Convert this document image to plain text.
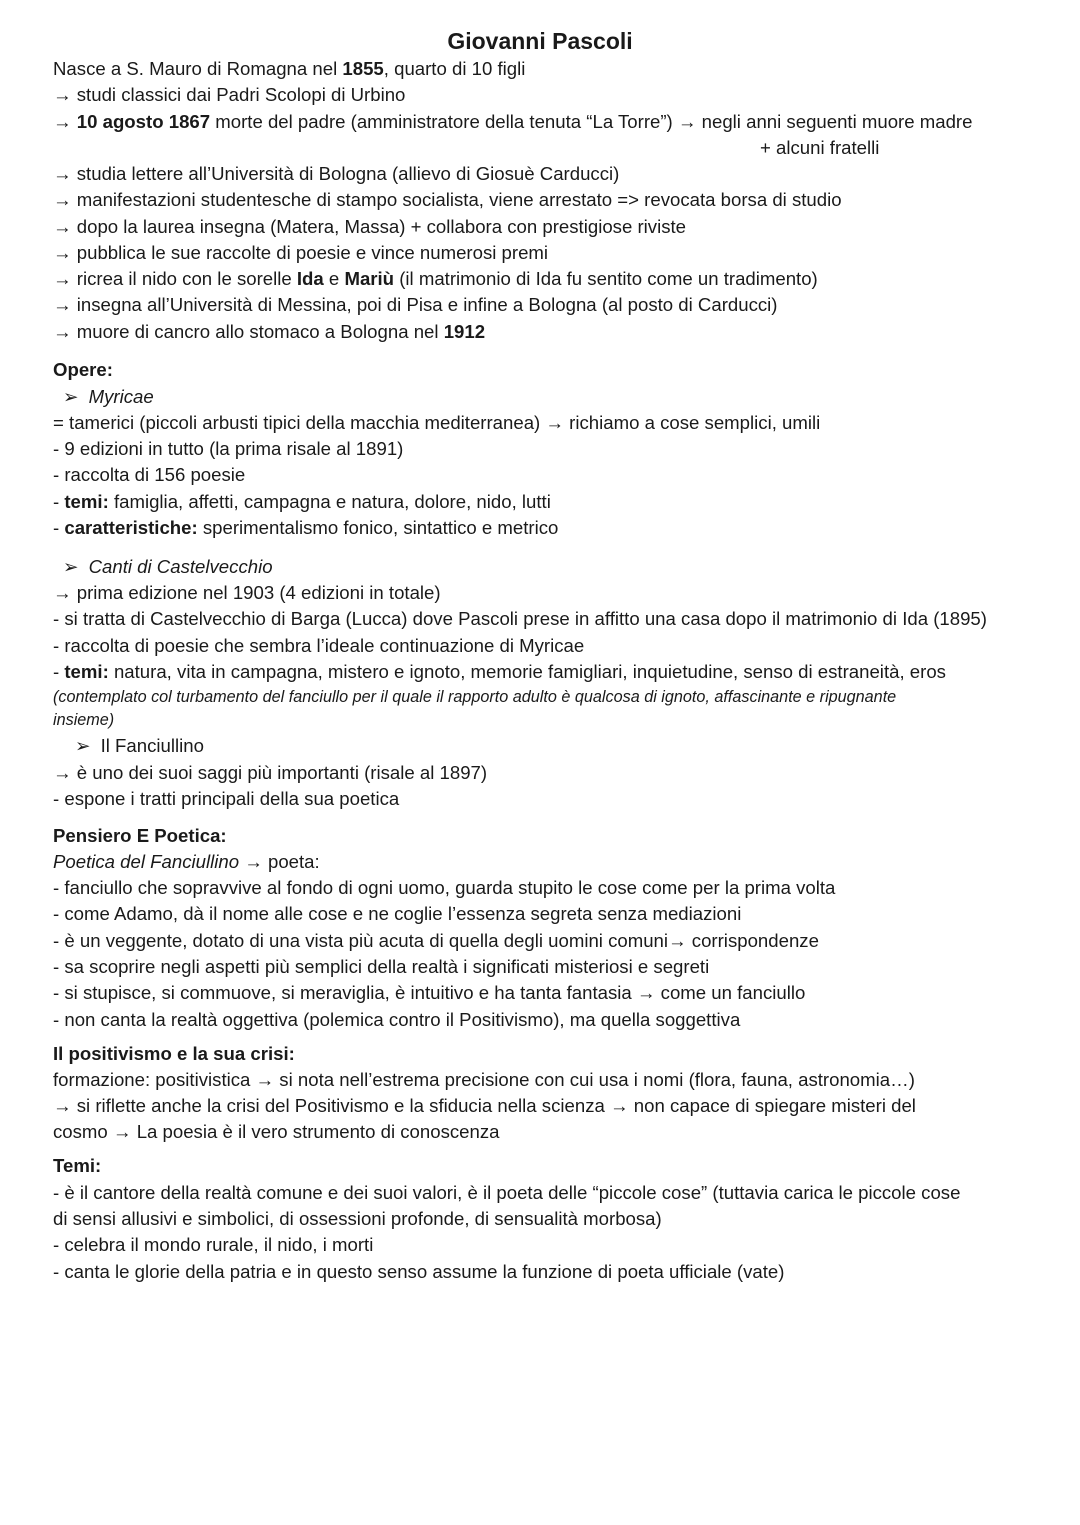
Giovanni Pascoli
Nasce a S. Mauro di Romagna nel 1855, quarto di 10 figli
→ studi classici dai Padri Scolopi di Urbino
→ 10 agosto 1867 morte del padre (amministratore della tenuta “La Torre”) → negli anni seguenti muore madre
+ alcuni fratelli
→ studia lettere all’Università di Bologna (allievo di Giosuè Carducci)
→ manifestazioni studentesche di stampo socialista, viene arrestato => revocata borsa di studio
→ dopo la laurea insegna (Matera, Massa) + collabora con prestigiose riviste
→ pubblica le sue raccolte di poesie e vince numerosi premi
→ ricrea il nido con le sorelle Ida e Mariù (il matrimonio di Ida fu sentito come un tradimento)
→ insegna all’Università di Messina, poi di Pisa e infine a Bologna (al posto di Carducci)
→ muore di cancro allo stomaco a Bologna nel 1912
Opere:
➢ Myricae
= tamerici (piccoli arbusti tipici della macchia mediterranea) → richiamo a cose semplici, umili
- 9 edizioni in tutto (la prima risale al 1891)
- raccolta di 156 poesie
- temi: famiglia, affetti, campagna e natura, dolore, nido, lutti
- caratteristiche: sperimentalismo fonico, sintattico e metrico
➢ Canti di Castelvecchio
→ prima edizione nel 1903 (4 edizioni in totale)
- si tratta di Castelvecchio di Barga (Lucca) dove Pascoli prese in affitto una casa dopo il matrimonio di Ida (1895)
- raccolta di poesie che sembra l’ideale continuazione di Myricae
- temi: natura, vita in campagna, mistero e ignoto, memorie famigliari, inquietudine, senso di estraneità, eros
(contemplato col turbamento del fanciullo per il quale il rapporto adulto è qualcosa di ignoto, affascinante e ripugnante
insieme)
➢ Il Fanciullino
→ è uno dei suoi saggi più importanti (risale al 1897)
- espone i tratti principali della sua poetica
Pensiero E Poetica:
Poetica del Fanciullino → poeta:
- fanciullo che sopravvive al fondo di ogni uomo, guarda stupito le cose come per la prima volta
- come Adamo, dà il nome alle cose e ne coglie l’essenza segreta senza mediazioni
- è un veggente, dotato di una vista più acuta di quella degli uomini comuni→ corrispondenze
- sa scoprire negli aspetti più semplici della realtà i significati misteriosi e segreti
- si stupisce, si commuove, si meraviglia, è intuitivo e ha tanta fantasia → come un fanciullo
- non canta la realtà oggettiva (polemica contro il Positivismo), ma quella soggettiva
Il positivismo e la sua crisi:
formazione: positivistica → si nota nell’estrema precisione con cui usa i nomi (flora, fauna, astronomia…)
→ si riflette anche la crisi del Positivismo e la sfiducia nella scienza → non capace di spiegare misteri del
cosmo → La poesia è il vero strumento di conoscenza
Temi:
- è il cantore della realtà comune e dei suoi valori, è il poeta delle “piccole cose” (tuttavia carica le piccole cose
di sensi allusivi e simbolici, di ossessioni profonde, di sensualità morbosa)
- celebra il mondo rurale, il nido, i morti
- canta le glorie della patria e in questo senso assume la funzione di poeta ufficiale (vate)
